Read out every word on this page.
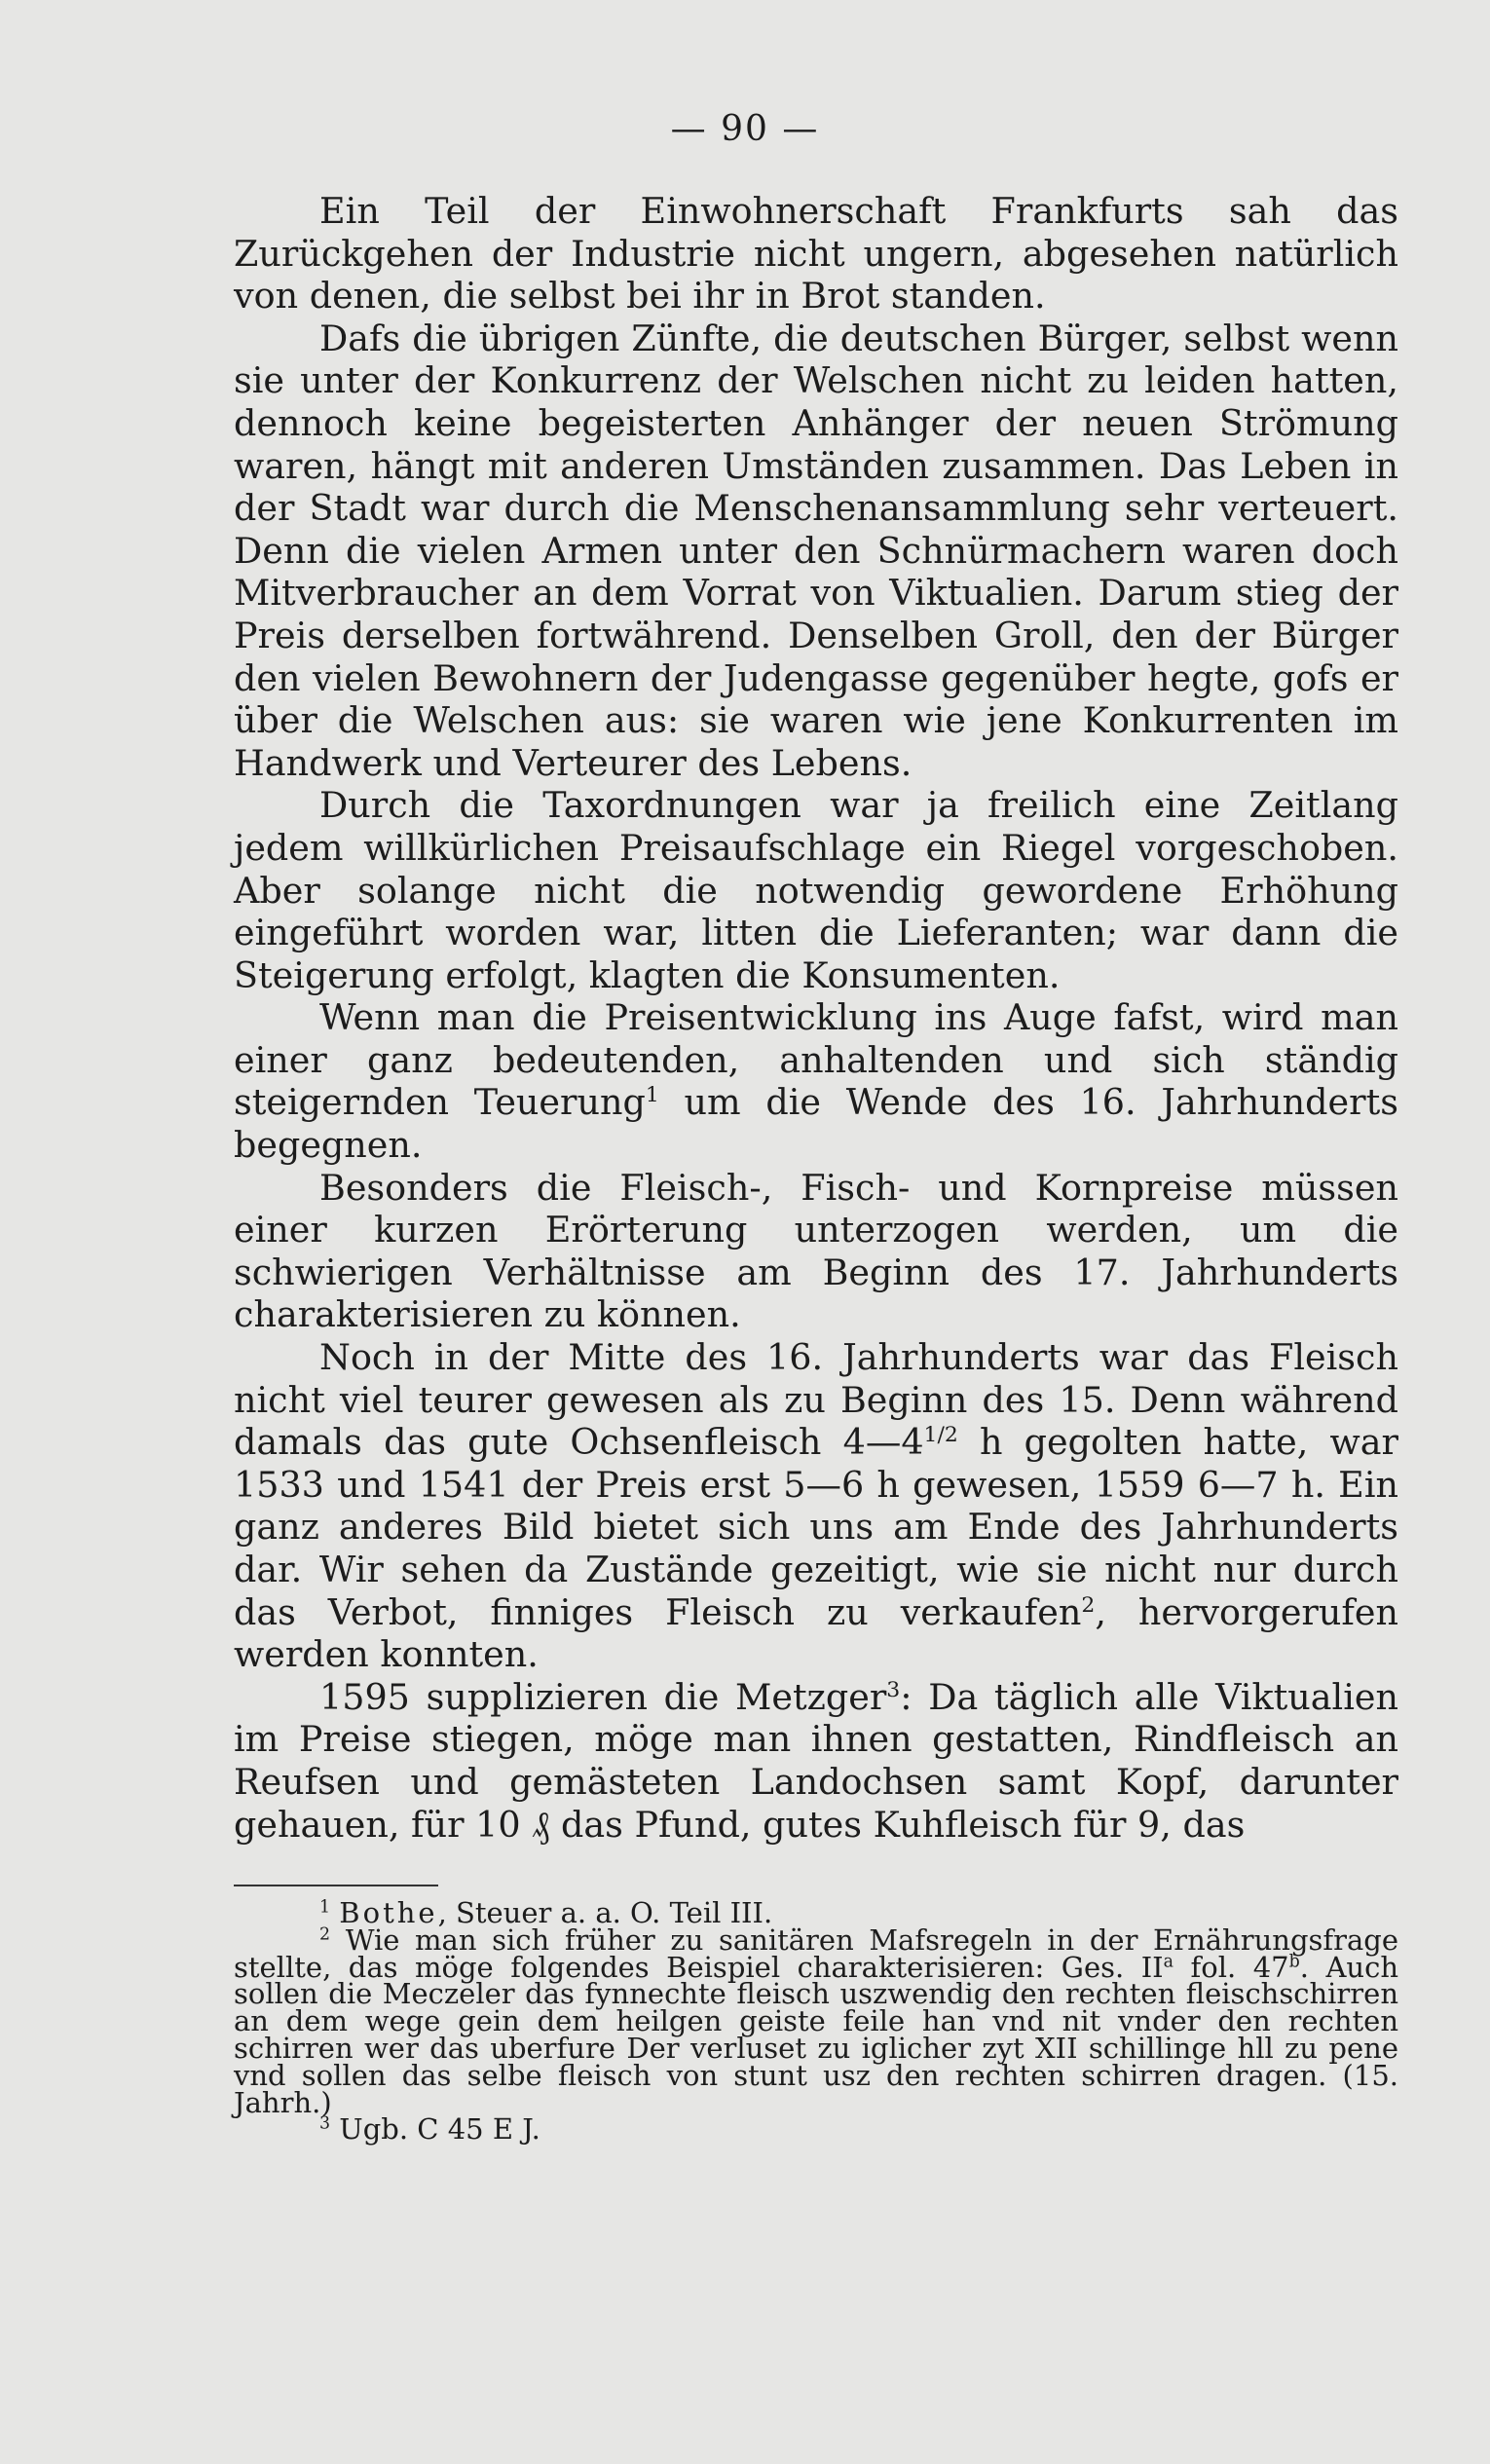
— 90 —

Ein Teil der Einwohnerschaft Frankfurts sah das Zurückgehen der Industrie nicht ungern, abgesehen natürlich von denen, die selbst bei ihr in Brot standen.

Dafs die übrigen Zünfte, die deutschen Bürger, selbst wenn sie unter der Konkurrenz der Welschen nicht zu leiden hatten, dennoch keine begeisterten Anhänger der neuen Strömung waren, hängt mit anderen Umständen zusammen. Das Leben in der Stadt war durch die Menschenansammlung sehr verteuert. Denn die vielen Armen unter den Schnürmachern waren doch Mitverbraucher an dem Vorrat von Viktualien. Darum stieg der Preis derselben fortwährend. Denselben Groll, den der Bürger den vielen Bewohnern der Judengasse gegenüber hegte, gofs er über die Welschen aus: sie waren wie jene Konkurrenten im Handwerk und Verteurer des Lebens.

Durch die Taxordnungen war ja freilich eine Zeitlang jedem willkürlichen Preisaufschlage ein Riegel vorgeschoben. Aber solange nicht die notwendig gewordene Erhöhung eingeführt worden war, litten die Lieferanten; war dann die Steigerung erfolgt, klagten die Konsumenten.

Wenn man die Preisentwicklung ins Auge fafst, wird man einer ganz bedeutenden, anhaltenden und sich ständig steigernden Teuerung$^1$ um die Wende des 16. Jahrhunderts begegnen.

Besonders die Fleisch-, Fisch- und Kornpreise müssen einer kurzen Erörterung unterzogen werden, um die schwierigen Verhältnisse am Beginn des 17. Jahrhunderts charakterisieren zu können.

Noch in der Mitte des 16. Jahrhunderts war das Fleisch nicht viel teurer gewesen als zu Beginn des 15. Denn während damals das gute Ochsenfleisch $4—4^{1/2}$ h gegolten hatte, war 1533 und 1541 der Preis erst 5—6 h gewesen, 1559 6—7 h. Ein ganz anderes Bild bietet sich uns am Ende des Jahrhunderts dar. Wir sehen da Zustände gezeitigt, wie sie nicht nur durch das Verbot, finniges Fleisch zu verkaufen$^2$, hervorgerufen werden konnten.

1595 supplizieren die Metzger$^3$: Da täglich alle Viktualien im Preise stiegen, möge man ihnen gestatten, Rindfleisch an Reufsen und gemästeten Landochsen samt Kopf, darunter gehauen, für 10 ₰ das Pfund, gutes Kuhfleisch für 9, das

$^1$ Bothe, Steuer a. a. O. Teil III.

$^2$ Wie man sich früher zu sanitären Mafsregeln in der Ernährungsfrage stellte, das möge folgendes Beispiel charakterisieren: Ges. $II^a$ fol. 47$^b$. Auch sollen die Meczeler das fynnechte fleisch uszwendig den rechten fleischschirren an dem wege gein dem heilgen geiste feile han vnd nit vnder den rechten schirren wer das uberfure Der verluset zu iglicher zyt XII schillinge hll zu pene vnd sollen das selbe fleisch von stunt usz den rechten schirren dragen. (15. Jahrh.)

$^3$ Ugb. C 45 E J.
